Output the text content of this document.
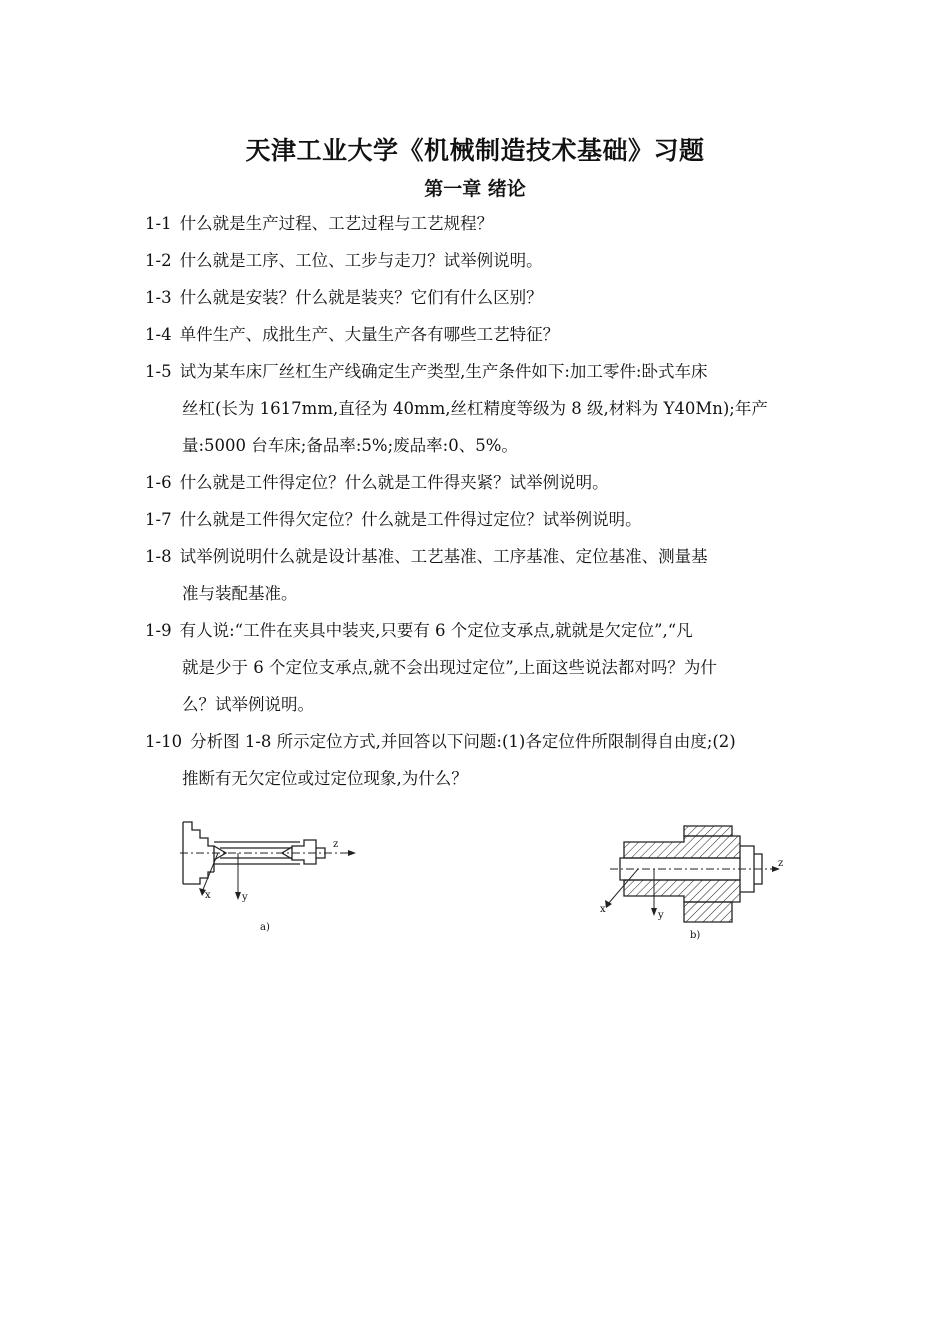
天津工业大学《机械制造技术基础》习题
第一章 绪论
1-1 什么就是生产过程、工艺过程与工艺规程？
1-2 什么就是工序、工位、工步与走刀？试举例说明。
1-3 什么就是安装？什么就是装夹？它们有什么区别？
1-4 单件生产、成批生产、大量生产各有哪些工艺特征？
1-5 试为某车床厂丝杠生产线确定生产类型,生产条件如下:加工零件:卧式车床
丝杠(长为 1617mm,直径为 40mm,丝杠精度等级为 8 级,材料为 Y40Mn);年产
量:5000 台车床;备品率:5%;废品率:0、5%。
1-6 什么就是工件得定位？什么就是工件得夹紧？试举例说明。
1-7 什么就是工件得欠定位？什么就是工件得过定位？试举例说明。
1-8 试举例说明什么就是设计基准、工艺基准、工序基准、定位基准、测量基
准与装配基准。
1-9 有人说:“工件在夹具中装夹,只要有 6 个定位支承点,就就是欠定位”,“凡
就是少于 6 个定位支承点,就不会出现过定位”,上面这些说法都对吗？为什
么？试举例说明。
1-10 分析图 1-8 所示定位方式,并回答以下问题:(1)各定位件所限制得自由度;(2)
推断有无欠定位或过定位现象,为什么？
x	y
z
a)
x
y
z
b)
